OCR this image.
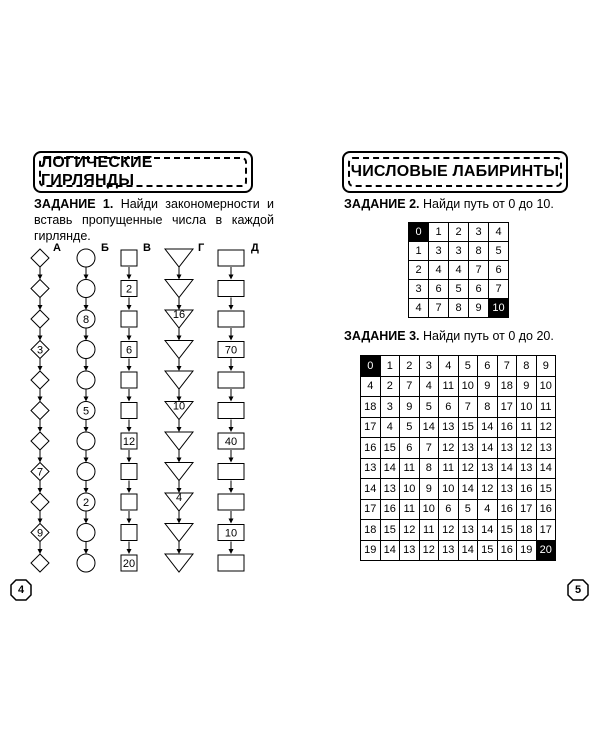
ЛОГИЧЕСКИЕ ГИРЛЯНДЫ
ЧИСЛОВЫЕ ЛАБИРИНТЫ
ЗАДАНИЕ 1. Найди закономерности и вставь пропущенные числа в каждой гирлянде.
А
3
7
9
Б
8
5
2
В
2
6
12
20
Г
16
10
4
Д
70
40
10
ЗАДАНИЕ 2. Найди путь от 0 до 10.
0	1	2	3	4
1	3	3	8	5
2	4	4	7	6
3	6	5	6	7
4	7	8	9	10
ЗАДАНИЕ 3. Найди путь от 0 до 20.
0	1	2	3	4	5	6	7	8	9
4	2	7	4	11	10	9	18	9	10
18	3	9	5	6	7	8	17	10	11
17	4	5	14	13	15	14	16	11	12
16	15	6	7	12	13	14	13	12	13
13	14	11	8	11	12	13	14	13	14
14	13	10	9	10	14	12	13	16	15
17	16	11	10	6	5	4	16	17	16
18	15	12	11	12	13	14	15	18	17
19	14	13	12	13	14	15	16	19	20
4	5
